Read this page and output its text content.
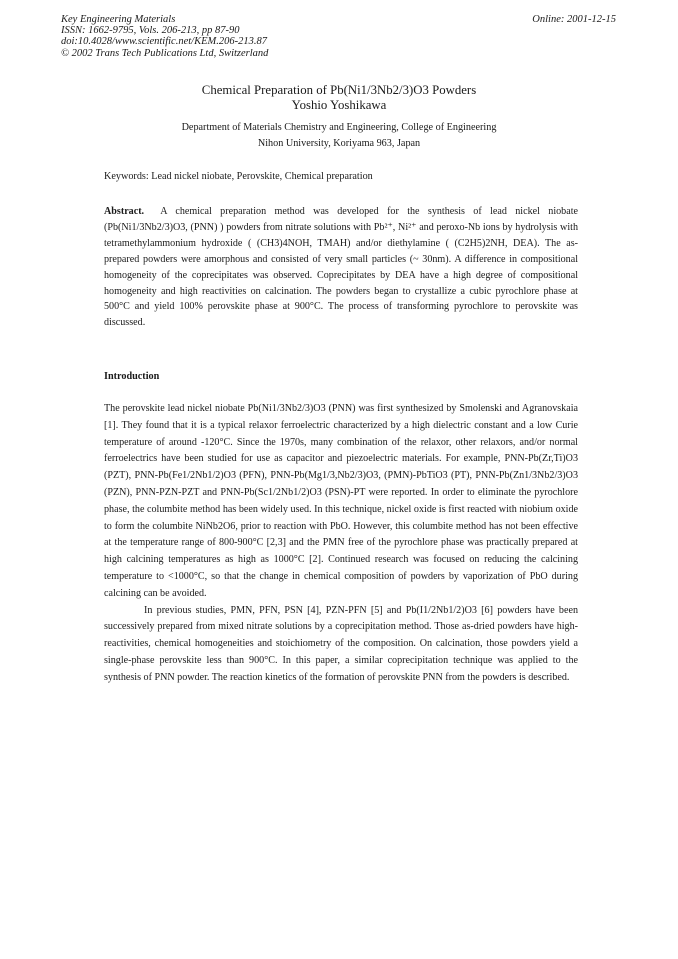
Key Engineering Materials
ISSN: 1662-9795, Vols. 206-213, pp 87-90
doi:10.4028/www.scientific.net/KEM.206-213.87
© 2002 Trans Tech Publications Ltd, Switzerland
Online: 2001-12-15
Chemical Preparation of Pb(Ni1/3Nb2/3)O3 Powders
Yoshio Yoshikawa
Department of Materials Chemistry and Engineering, College of Engineering
Nihon University, Koriyama 963, Japan
Keywords: Lead nickel niobate, Perovskite, Chemical preparation
Abstract. A chemical preparation method was developed for the synthesis of lead nickel niobate (Pb(Ni1/3Nb2/3)O3, (PNN) ) powders from nitrate solutions with Pb²⁺, Ni²⁺ and peroxo-Nb ions by hydrolysis with tetramethylammonium hydroxide ( (CH3)4NOH, TMAH) and/or diethylamine ( (C2H5)2NH, DEA). The as-prepared powders were amorphous and consisted of very small particles (~ 30nm). A difference in compositional homogeneity of the coprecipitates was observed. Coprecipitates by DEA have a high degree of compositional homogeneity and high reactivities on calcination. The powders began to crystallize a cubic pyrochlore phase at 500°C and yield 100% perovskite phase at 900°C. The process of transforming pyrochlore to perovskite was discussed.
Introduction

The perovskite lead nickel niobate Pb(Ni1/3Nb2/3)O3 (PNN) was first synthesized by Smolenski and Agranovskaia [1]. They found that it is a typical relaxor ferroelectric characterized by a high dielectric constant and a low Curie temperature of around -120°C. Since the 1970s, many combination of the relaxor, other relaxors, and/or normal ferroelectrics have been studied for use as capacitor and piezoelectric materials. For example, PNN-Pb(Zr,Ti)O3 (PZT), PNN-Pb(Fe1/2Nb1/2)O3 (PFN), PNN-Pb(Mg1/3,Nb2/3)O3, (PMN)-PbTiO3 (PT), PNN-Pb(Zn1/3Nb2/3)O3 (PZN), PNN-PZN-PZT and PNN-Pb(Sc1/2Nb1/2)O3 (PSN)-PT were reported. In order to eliminate the pyrochlore phase, the columbite method has been widely used. In this technique, nickel oxide is first reacted with niobium oxide to form the columbite NiNb2O6, prior to reaction with PbO. However, this columbite method has not been effective at the temperature range of 800-900°C [2,3] and the PMN free of the pyrochlore phase was practically prepared at high calcining temperatures as high as 1000°C [2]. Continued research was focused on reducing the calcining temperature to <1000°C, so that the change in chemical composition of powders by vaporization of PbO during calcining can be avoided.

In previous studies, PMN, PFN, PSN [4], PZN-PFN [5] and Pb(I1/2Nb1/2)O3 [6] powders have been successively prepared from mixed nitrate solutions by a coprecipitation method. Those as-dried powders have high-reactivities, chemical homogeneities and stoichiometry of the composition. On calcination, those powders yield a single-phase perovskite less than 900°C. In this paper, a similar coprecipitation technique was applied to the synthesis of PNN powder. The reaction kinetics of the formation of perovskite PNN from the powders is described.
